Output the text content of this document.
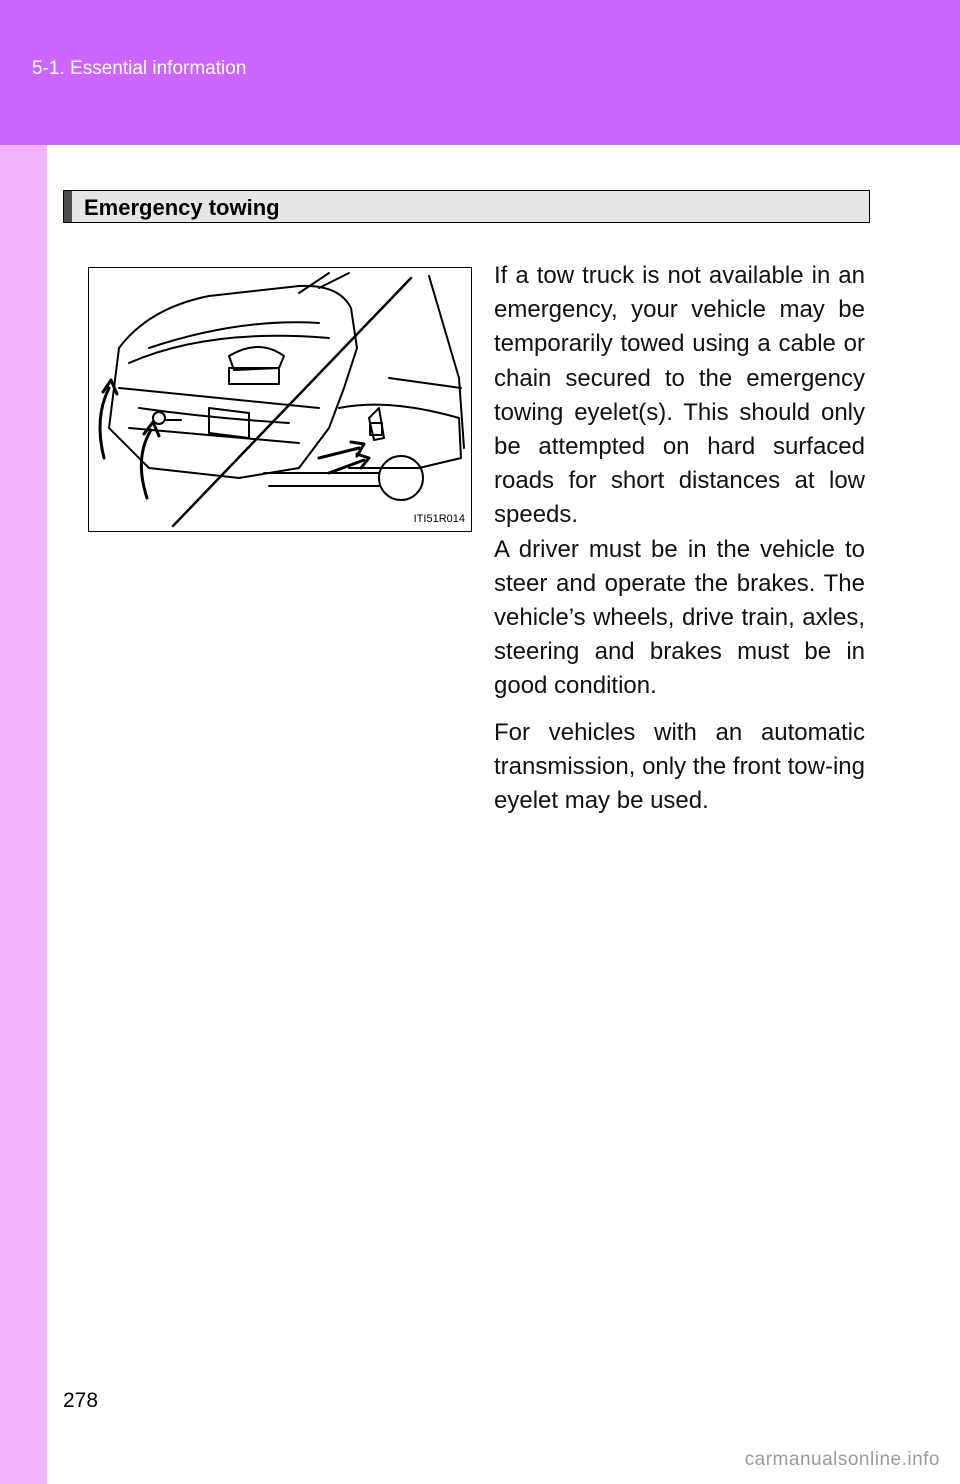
5-1. Essential information
Emergency towing
ITI51R014

If a tow truck is not available in an emergency, your vehicle may be temporarily towed using a cable or chain secured to the emergency towing eyelet(s). This should only be attempted on hard surfaced roads for short distances at low speeds.

A driver must be in the vehicle to steer and operate the brakes. The vehicle’s wheels, drive train, axles, steering and brakes must be in good condition.

For vehicles with an automatic transmission, only the front tow-ing eyelet may be used.

278
carmanualsonline.info
